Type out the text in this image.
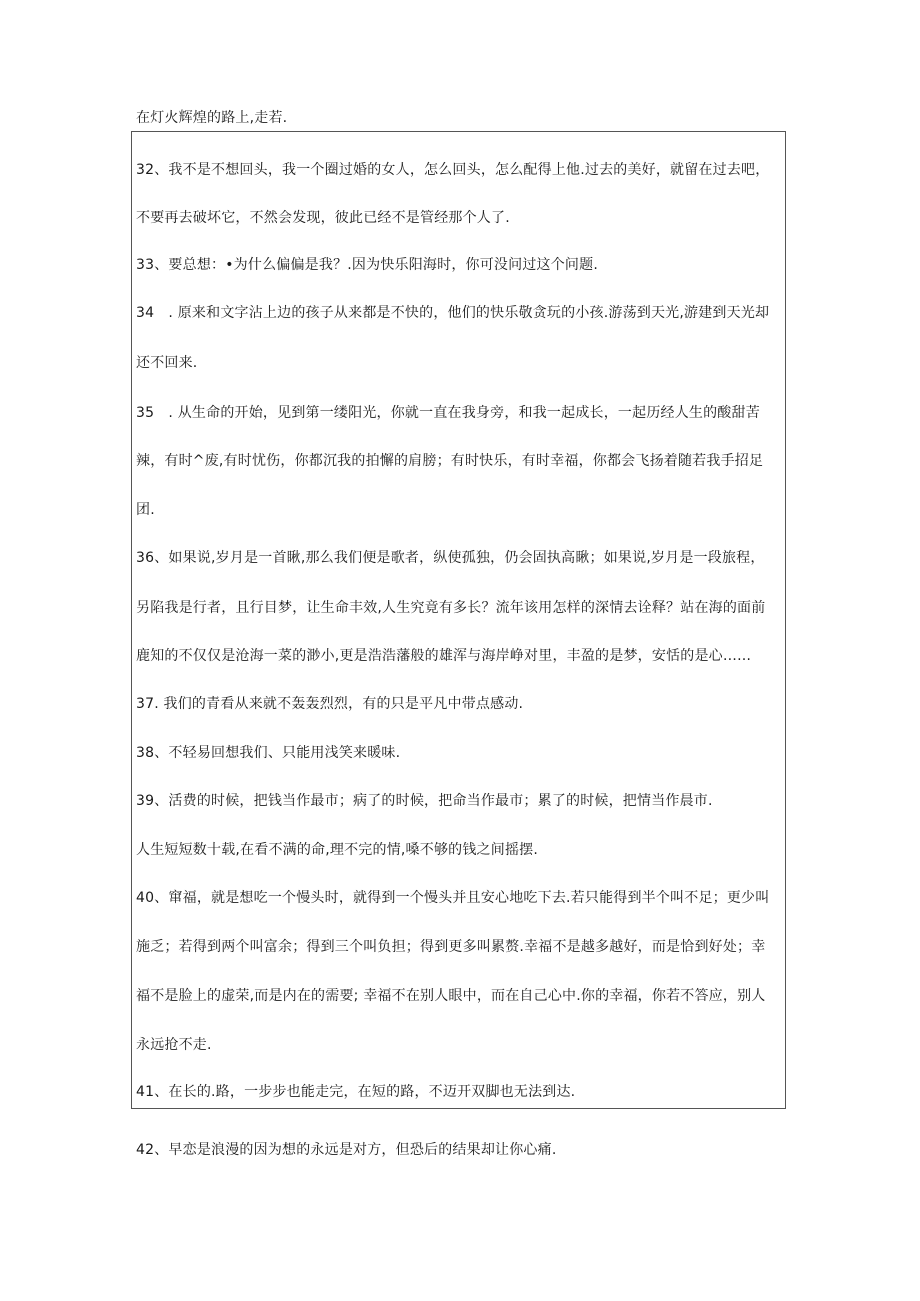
在灯火辉煌的路上,走若.
32、我不是不想回头，我一个圈过婚的女人，怎么回头，怎么配得上他.过去的美好，就留在过去吧，
不要再去破坏它，不然会发现，彼此已经不是管经那个人了.
33、要总想：•为什么偏偏是我？.因为快乐阳海时，你可没问过这个问题.
34　. 原来和文字沾上边的孩子从来都是不快的，他们的快乐敬贪玩的小孩.游荡到天光,游建到天光却
还不回来.
35　. 从生命的开始，见到第一缕阳光，你就一直在我身旁，和我一起成长，一起历经人生的酸甜苦
辣，有时^废,有时忧伤，你都沉我的拍懈的肩膀；有时快乐，有时幸福，你都会飞扬着随若我手招足
团.
36、如果说,岁月是一首瞅,那么我们便是歌者，纵使孤独，仍会固执高瞅；如果说,岁月是一段旅程，
另陷我是行者，且行目梦，让生命丰效,人生究竟有多长？流年该用怎样的深情去诠释？站在海的面前
鹿知的不仅仅是沧海一菜的渺小,更是浩浩藩般的雄浑与海岸峥对里，丰盈的是梦，安恬的是心……
37. 我们的青看从来就不轰轰烈烈，有的只是平凡中带点感动.
38、不轻易回想我们、只能用浅笑来暖味.
39、活费的时候，把钱当作最市；病了的时候，把命当作最市；累了的时候，把情当作晨市.
人生短短数十载,在看不满的命,理不完的情,嗓不够的钱之间摇摆.
40、窜福，就是想吃一个慢头时，就得到一个慢头并且安心地吃下去.若只能得到半个叫不足；更少叫
施乏；若得到两个叫富余；得到三个叫负担；得到更多叫累赘.幸福不是越多越好，而是恰到好处；幸
福不是脸上的虚荣,而是内在的需要; 幸福不在别人眼中，而在自己心中.你的幸福，你若不答应，别人
永远抢不走.
41、在长的.路，一步步也能走完，在短的路，不迈开双脚也无法到达.
42、早恋是浪漫的因为想的永远是对方，但恐后的结果却让你心痛.
